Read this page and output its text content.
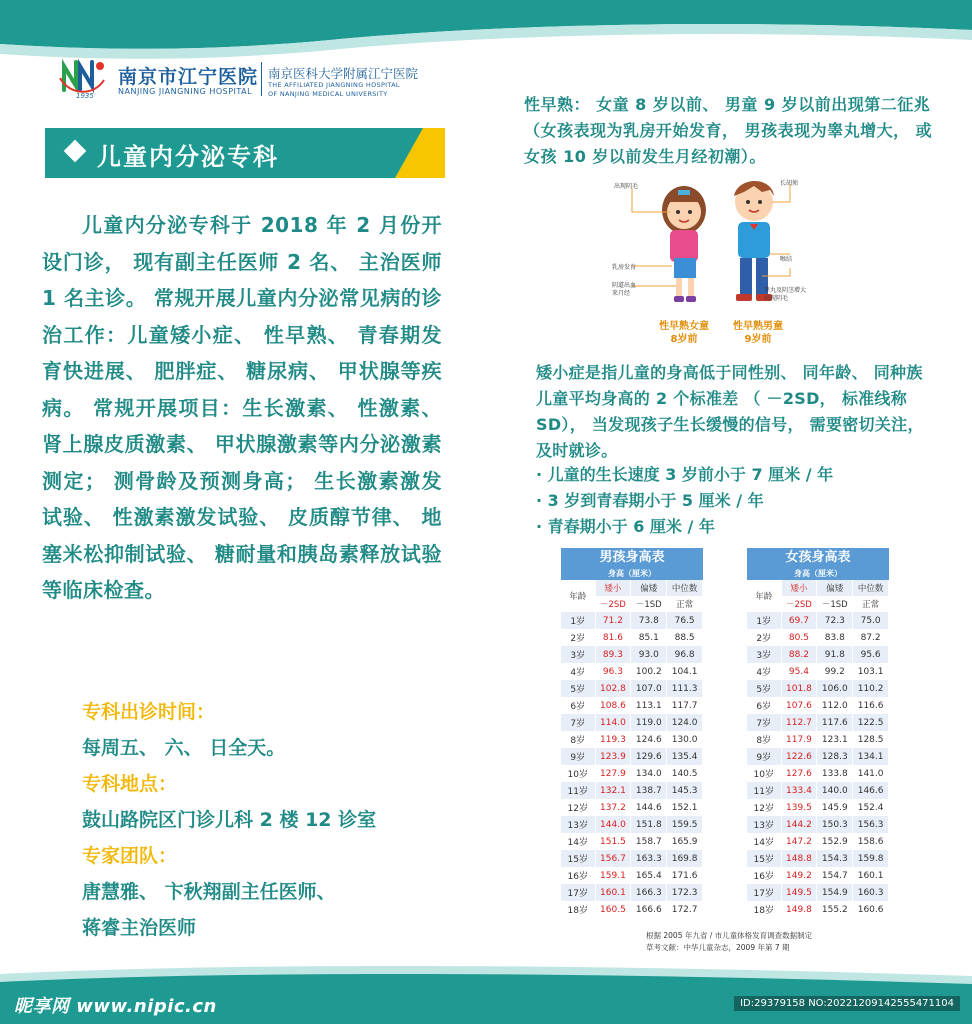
1935
南京市江宁医院
NANJING JIANGNING HOSPITAL
南京医科大学附属江宁医院
THE AFFILIATED JIANGNING HOSPITAL
OF NANJING MEDICAL UNIVERSITY
儿童内分泌专科

儿童内分泌专科于 2018 年 2 月份开设门诊， 现有副主任医师 2 名、 主治医师 1 名主诊。 常规开展儿童内分泌常见病的诊治工作：儿童矮小症、 性早熟、 青春期发育快进展、 肥胖症、 糖尿病、 甲状腺等疾病。 常规开展项目：生长激素、 性激素、 肾上腺皮质激素、 甲状腺激素等内分泌激素测定； 测骨龄及预测身高； 生长激素激发试验、 性激素激发试验、 皮质醇节律、 地塞米松抑制试验、 糖耐量和胰岛素释放试验等临床检查。

专科出诊时间：
每周五、 六、 日全天。
专科地点：
鼓山路院区门诊儿科 2 楼 12 诊室
专家团队：
唐慧雅、 卞秋翔副主任医师、
蒋睿主治医师
性早熟： 女童 8 岁以前、 男童 9 岁以前出现第二征兆 （女孩表现为乳房开始发育， 男孩表现为睾丸增大， 或女孩 10 岁以前发生月经初潮）。
出现阴毛
乳房发育
阴道出血
来月经
长胡须
喉结
睾丸及阴茎增大
出现阴毛
性早熟女童
8岁前
性早熟男童
9岁前
矮小症是指儿童的身高低于同性别、 同年龄、 同种族儿童平均身高的 2 个标准差 （ －2SD， 标准线称 SD）， 当发现孩子生长缓慢的信号， 需要密切关注， 及时就诊。
· 儿童的生长速度 3 岁前小于 7 厘米 / 年
· 3 岁到青春期小于 5 厘米 / 年
· 青春期小于 6 厘米 / 年
男孩身高表
身高（厘米）
年龄	矮小	偏矮	中位数
	－2SD	－1SD	正常
1岁	71.2	73.8	76.5
2岁	81.6	85.1	88.5
3岁	89.3	93.0	96.8
4岁	96.3	100.2	104.1
5岁	102.8	107.0	111.3
6岁	108.6	113.1	117.7
7岁	114.0	119.0	124.0
8岁	119.3	124.6	130.0
9岁	123.9	129.6	135.4
10岁	127.9	134.0	140.5
11岁	132.1	138.7	145.3
12岁	137.2	144.6	152.1
13岁	144.0	151.8	159.5
14岁	151.5	158.7	165.9
15岁	156.7	163.3	169.8
16岁	159.1	165.4	171.6
17岁	160.1	166.3	172.3
18岁	160.5	166.6	172.7
女孩身高表
身高（厘米）
年龄	矮小	偏矮	中位数
	－2SD	－1SD	正常
1岁	69.7	72.3	75.0
2岁	80.5	83.8	87.2
3岁	88.2	91.8	95.6
4岁	95.4	99.2	103.1
5岁	101.8	106.0	110.2
6岁	107.6	112.0	116.6
7岁	112.7	117.6	122.5
8岁	117.9	123.1	128.5
9岁	122.6	128.3	134.1
10岁	127.6	133.8	141.0
11岁	133.4	140.0	146.6
12岁	139.5	145.9	152.4
13岁	144.2	150.3	156.3
14岁	147.2	152.9	158.6
15岁	148.8	154.3	159.8
16岁	149.2	154.7	160.1
17岁	149.5	154.9	160.3
18岁	149.8	155.2	160.6
根据 2005 年九省 / 市儿童体格发育调查数据制定
草考文献：中华儿童杂志，2009 年第 7 期
昵享网 www.nipic.cn	ID:29379158 NO:20221209142555471104
